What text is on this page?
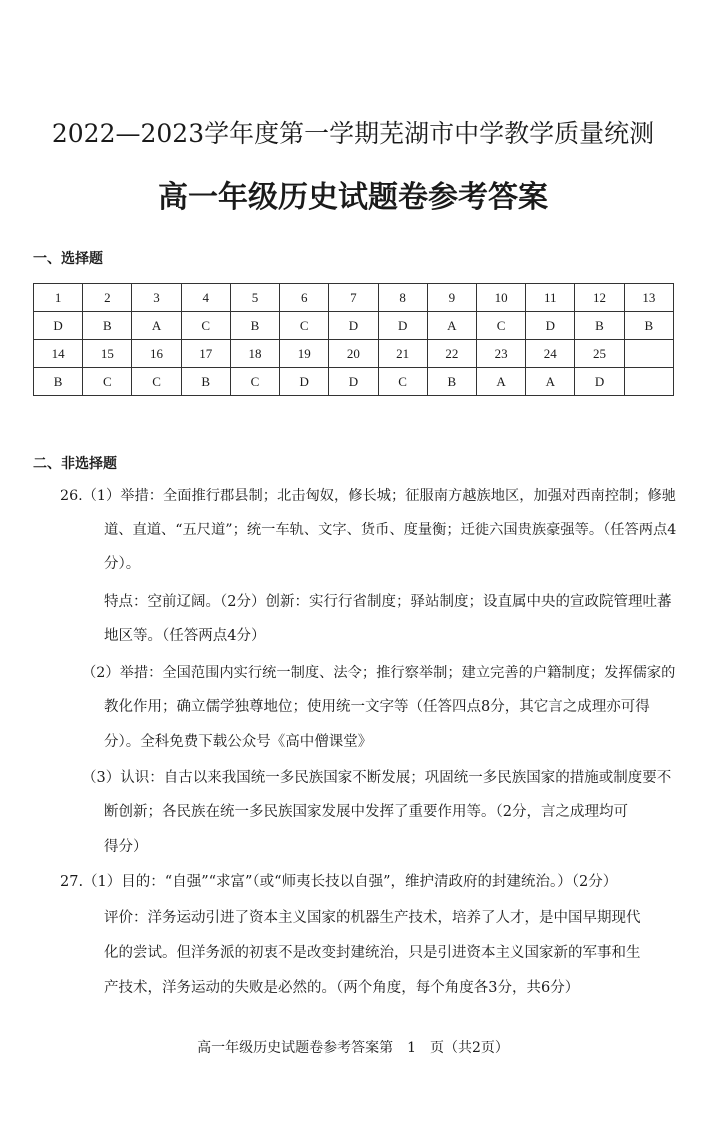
2022—2023学年度第一学期芜湖市中学教学质量统测
高一年级历史试题卷参考答案
一、选择题
1	2	3	4	5	6	7	8	9	10	11	12	13
D	B	A	C	B	C	D	D	A	C	D	B	B
14	15	16	17	18	19	20	21	22	23	24	25	
B	C	C	B	C	D	D	C	B	A	A	D	
二、非选择题
26.（1）举措：全面推行郡县制；北击匈奴，修长城；征服南方越族地区，加强对西南控制；修驰
道、直道、“五尺道”；统一车轨、文字、货币、度量衡；迁徙六国贵族豪强等。（任答两点4
分）。
特点：空前辽阔。（2分）创新：实行行省制度；驿站制度；设直属中央的宣政院管理吐蕃
地区等。（任答两点4分）
（2）举措：全国范围内实行统一制度、法令；推行察举制；建立完善的户籍制度；发挥儒家的
教化作用；确立儒学独尊地位；使用统一文字等（任答四点8分，其它言之成理亦可得
分）。全科免费下载公众号《高中僧课堂》
（3）认识：自古以来我国统一多民族国家不断发展；巩固统一多民族国家的措施或制度要不
断创新；各民族在统一多民族国家发展中发挥了重要作用等。（2分，言之成理均可
得分）
27.（1）目的：“自强”“求富”（或“师夷长技以自强”，维护清政府的封建统治。）（2分）
评价：洋务运动引进了资本主义国家的机器生产技术，培养了人才，是中国早期现代
化的尝试。但洋务派的初衷不是改变封建统治，只是引进资本主义国家新的军事和生
产技术，洋务运动的失败是必然的。（两个角度，每个角度各3分，共6分）
高一年级历史试题卷参考答案第　1　页（共2页）
